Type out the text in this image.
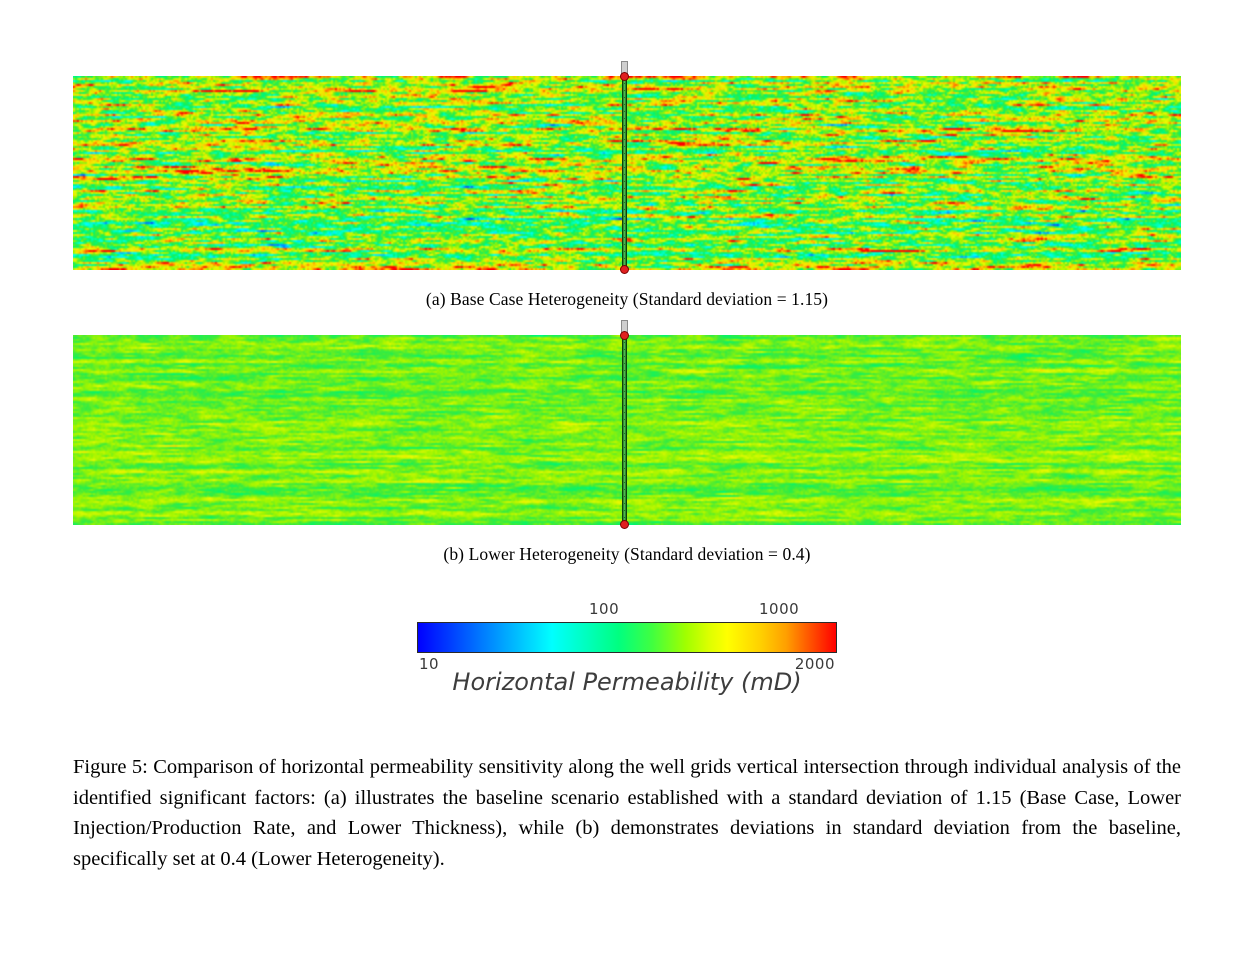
(a) Base Case Heterogeneity (Standard deviation = 1.15)
(b) Lower Heterogeneity (Standard deviation = 0.4)
100	1000
10	2000
Horizontal Permeability (mD)
Figure 5: Comparison of horizontal permeability sensitivity along the well grids vertical intersection through individual analysis of the identified significant factors: (a) illustrates the baseline scenario established with a standard deviation of 1.15 (Base Case, Lower Injection/Production Rate, and Lower Thickness), while (b) demonstrates deviations in standard deviation from the baseline, specifically set at 0.4 (Lower Heterogeneity).
